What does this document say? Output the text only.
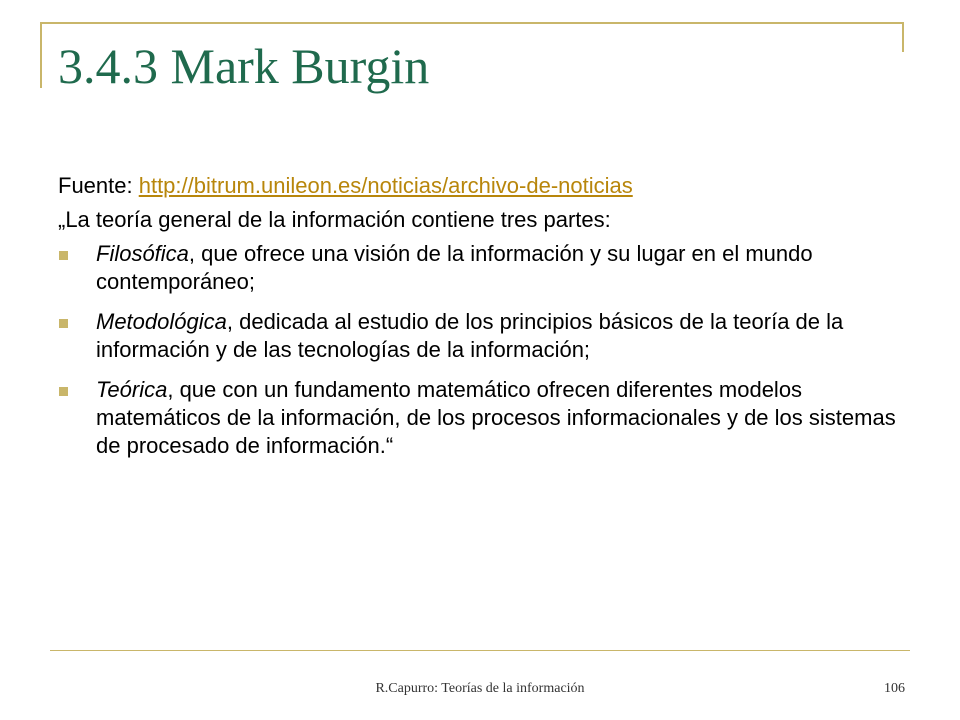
3.4.3 Mark Burgin

Fuente: http://bitrum.unileon.es/noticias/archivo-de-noticias

„La teoría general de la información contiene tres partes:

Filosófica, que ofrece una visión de la información y su lugar en el mundo contemporáneo;
Metodológica, dedicada al estudio de los principios básicos de la teoría de la información y de las tecnologías de la información;
Teórica, que con un fundamento matemático ofrecen diferentes modelos matemáticos de la información, de los procesos informacionales y de los sistemas de procesado de información.“
R.Capurro: Teorías de la información	106
